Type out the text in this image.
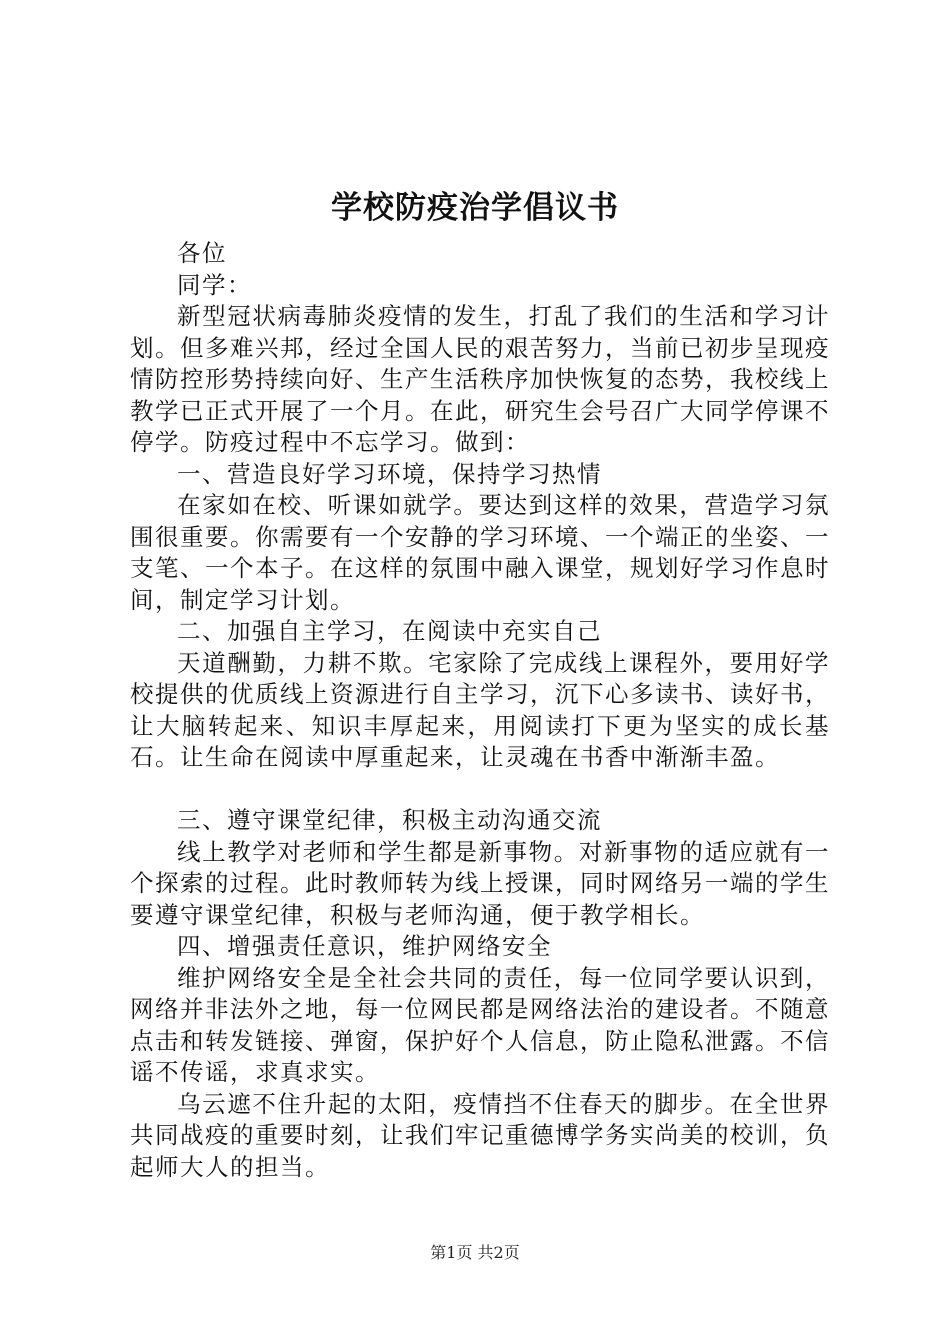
学校防疫治学倡议书

各位

同学：

新型冠状病毒肺炎疫情的发生，打乱了我们的生活和学习计划。但多难兴邦，经过全国人民的艰苦努力，当前已初步呈现疫情防控形势持续向好、生产生活秩序加快恢复的态势，我校线上教学已正式开展了一个月。在此，研究生会号召广大同学停课不停学。防疫过程中不忘学习。做到：

一、营造良好学习环境，保持学习热情

在家如在校、听课如就学。要达到这样的效果，营造学习氛围很重要。你需要有一个安静的学习环境、一个端正的坐姿、一支笔、一个本子。在这样的氛围中融入课堂，规划好学习作息时间，制定学习计划。

二、加强自主学习，在阅读中充实自己

天道酬勤，力耕不欺。宅家除了完成线上课程外，要用好学校提供的优质线上资源进行自主学习，沉下心多读书、读好书，让大脑转起来、知识丰厚起来，用阅读打下更为坚实的成长基石。让生命在阅读中厚重起来，让灵魂在书香中渐渐丰盈。

三、遵守课堂纪律，积极主动沟通交流

线上教学对老师和学生都是新事物。对新事物的适应就有一个探索的过程。此时教师转为线上授课，同时网络另一端的学生要遵守课堂纪律，积极与老师沟通，便于教学相长。

四、增强责任意识，维护网络安全

维护网络安全是全社会共同的责任，每一位同学要认识到，网络并非法外之地，每一位网民都是网络法治的建设者。不随意点击和转发链接、弹窗，保护好个人信息，防止隐私泄露。不信谣不传谣，求真求实。

乌云遮不住升起的太阳，疫情挡不住春天的脚步。在全世界共同战疫的重要时刻，让我们牢记重德博学务实尚美的校训，负起师大人的担当。

第1页 共2页
